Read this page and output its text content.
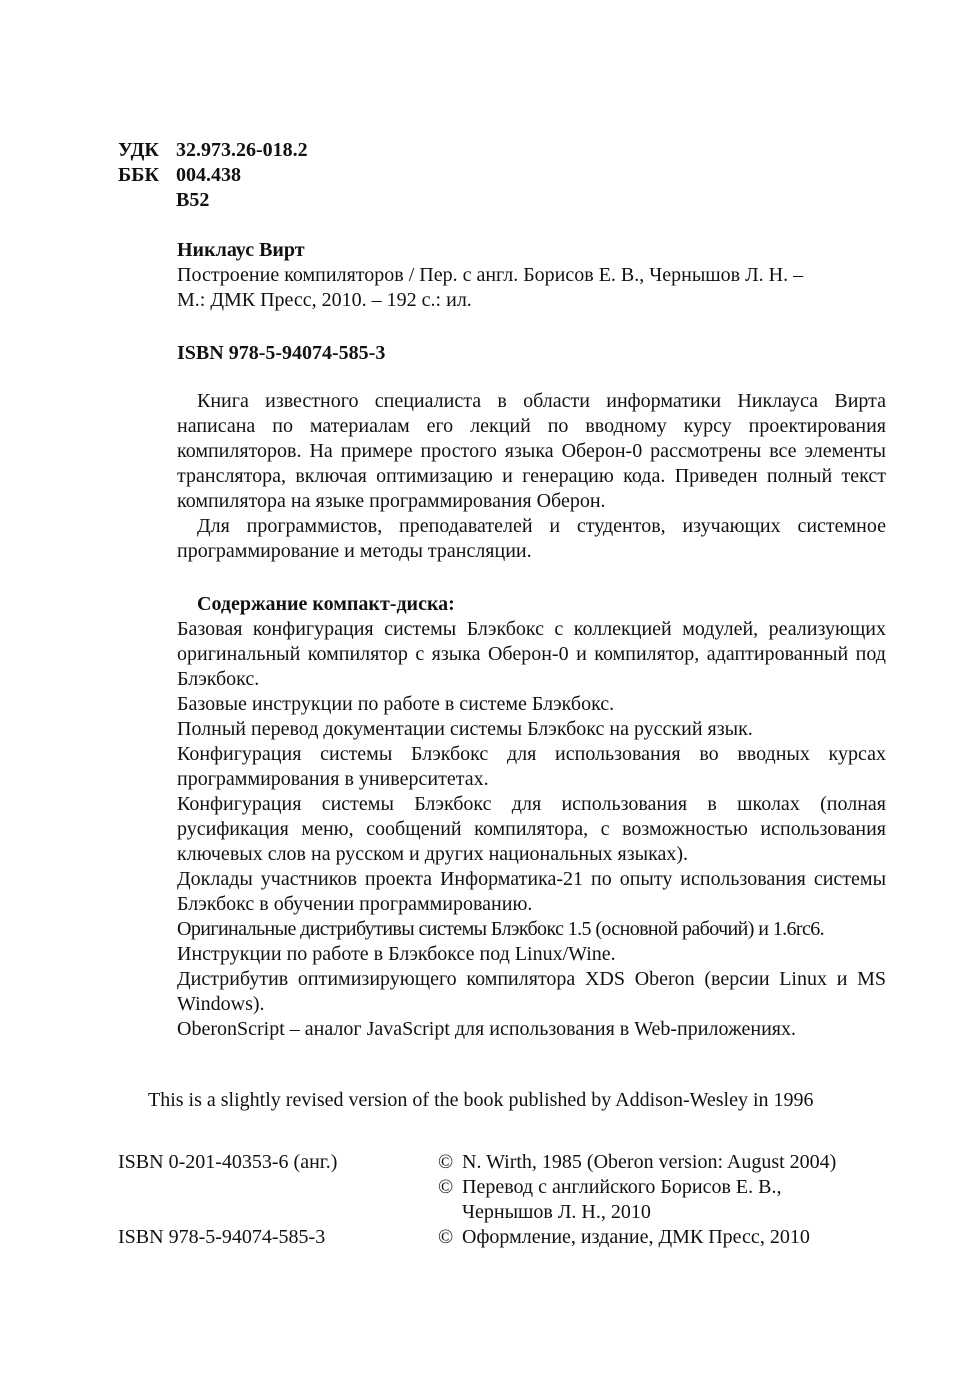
УДК 32.973.26-018.2
ББК 004.438
В52
Никлаус Вирт
Построение компиляторов / Пер. с англ. Борисов Е. В., Чернышов Л. Н. –
М.: ДМК Пресс, 2010. – 192 с.: ил.
ISBN 978-5-94074-585-3

Книга известного специалиста в области информатики Никлауса Вирта написана по материалам его лекций по вводному курсу проектирования компиляторов. На примере простого языка Оберон-0 рассмотрены все элементы транслятора, включая оптимизацию и генерацию кода. Приведен полный текст компилятора на языке программирования Оберон.

Для программистов, преподавателей и студентов, изучающих системное программирование и методы трансляции.

Содержание компакт-диска:
Базовая конфигурация системы Блэкбокс с коллекцией модулей, реализующих оригинальный компилятор с языка Оберон-0 и компилятор, адаптированный под Блэкбокс.
Базовые инструкции по работе в системе Блэкбокс.
Полный перевод документации системы Блэкбокс на русский язык.
Конфигурация системы Блэкбокс для использования во вводных курсах программирования в университетах.
Конфигурация системы Блэкбокс для использования в школах (полная русификация меню, сообщений компилятора, с возможностью использования ключевых слов на русском и других национальных языках).
Доклады участников проекта Информатика-21 по опыту использования системы Блэкбокс в обучении программированию.
Оригинальные дистрибутивы системы Блэкбокс 1.5 (основной рабочий) и 1.6rc6.
Инструкции по работе в Блэкбоксе под Linux/Wine.
Дистрибутив оптимизирующего компилятора XDS Oberon (версии Linux и MS Windows).
OberonScript – аналог JavaScript для использования в Web-приложениях.
This is a slightly revised version of the book published by Addison-Wesley in 1996
ISBN 0-201-40353-6 (анг.)	© N. Wirth, 1985 (Oberon version: August 2004)
© Перевод с английского Борисов Е. В.,
Чернышов Л. Н., 2010
ISBN 978-5-94074-585-3	© Оформление, издание, ДМК Пресс, 2010
